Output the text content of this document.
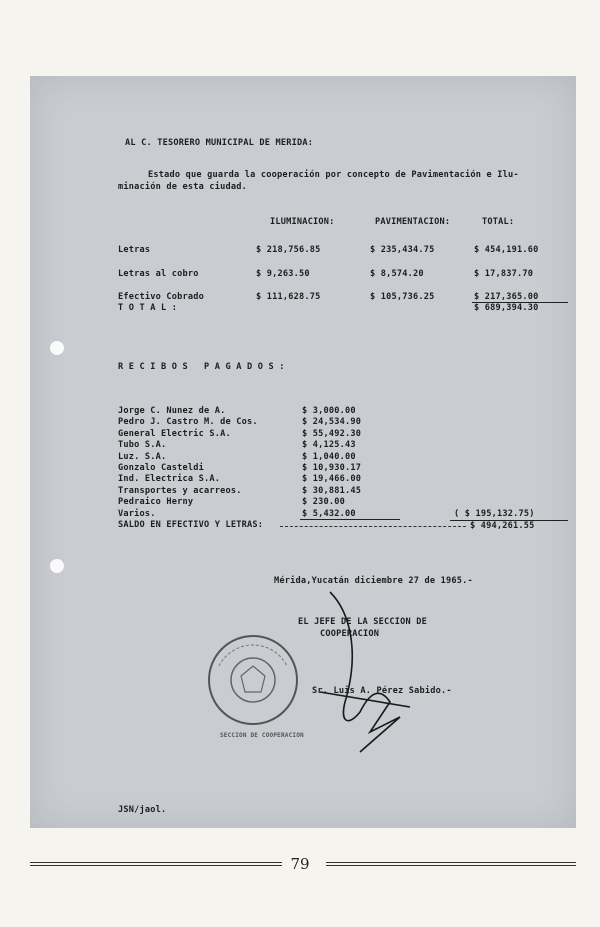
AL C. TESORERO MUNICIPAL DE MERIDA:
Estado que guarda la cooperación por concepto de Pavimentación e Ilu-
minación de esta ciudad.
ILUMINACION:	PAVIMENTACION:	TOTAL:
Letras	$ 218,756.85	$ 235,434.75	$ 454,191.60
Letras al cobro	$ 9,263.50	$ 8,574.20	$ 17,837.70
Efectivo Cobrado	$ 111,628.75	$ 105,736.25	$ 217,365.00
T O T A L :	$ 689,394.30
R E C I B O S   P A G A D O S :
Jorge C. Nunez de A.	$ 3,000.00
Pedro J. Castro M. de Cos.	$ 24,534.90
General Electric S.A.	$ 55,492.30
Tubo S.A.	$ 4,125.43
Luz. S.A.	$ 1,040.00
Gonzalo Casteldi	$ 10,930.17
Ind. Electrica S.A.	$ 19,466.00
Transportes y acarreos.	$ 30,881.45
Pedraico Herny	$ 230.00
Varios.	$ 5,432.00	( $ 195,132.75)
SALDO EN EFECTIVO Y LETRAS:	$ 494,261.55
Mérida,Yucatán diciembre 27 de 1965.-
EL JEFE DE LA SECCION DE
COOPERACION
Sr. Luis A. Pérez Sabido.-
SECCION DE COOPERACION
JSN/jaol.
79
